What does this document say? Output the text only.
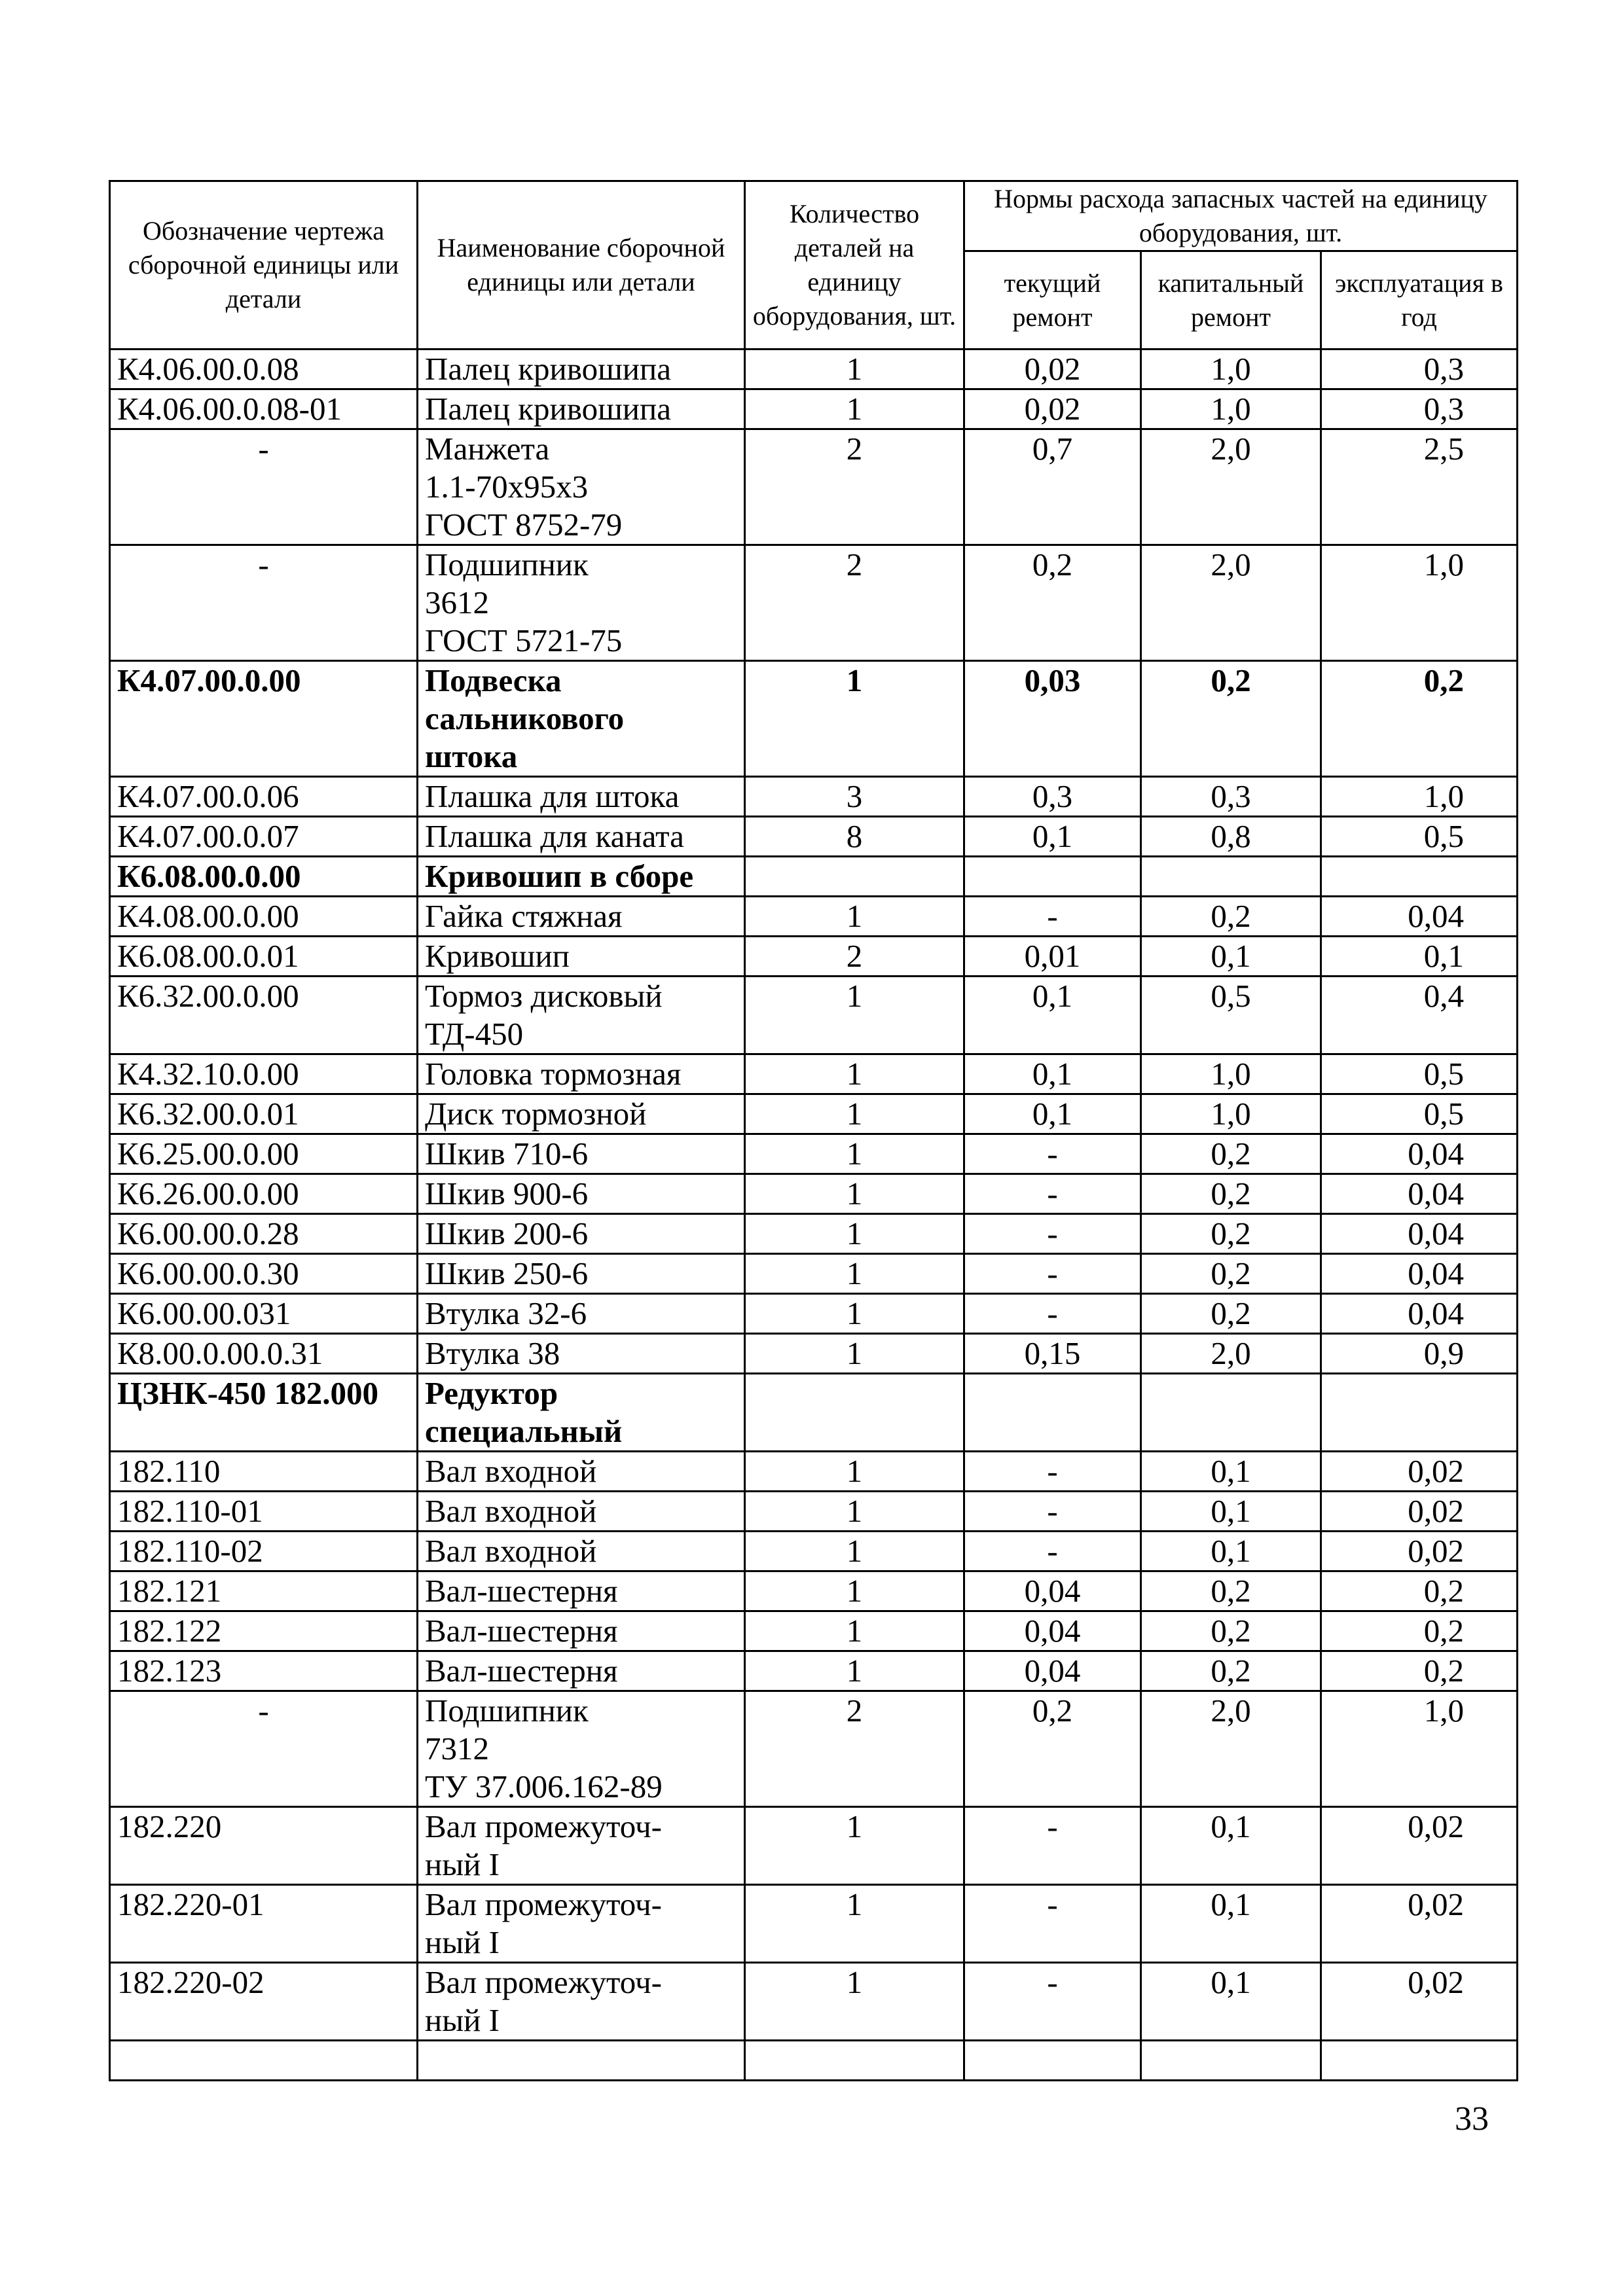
Обозначение чертежа сборочной единицы или детали	Наименование сборочной единицы или детали	Количество деталей на единицу оборудования, шт.	Нормы расхода запасных частей на единицу оборудования, шт.		
			текущий ремонт	капитальный ремонт	эксплуатация в год
К4.06.00.0.08	Палец кривошипа	1	0,02	1,0	0,3
К4.06.00.0.08-01	Палец кривошипа	1	0,02	1,0	0,3
-	Манжета
1.1-70x95x3
ГОСТ 8752-79	2	0,7	2,0	2,5
-	Подшипник
3612
ГОСТ 5721-75	2	0,2	2,0	1,0
К4.07.00.0.00	Подвеска
сальникового
штока	1	0,03	0,2	0,2
К4.07.00.0.06	Плашка для штока	3	0,3	0,3	1,0
К4.07.00.0.07	Плашка для каната	8	0,1	0,8	0,5
К6.08.00.0.00	Кривошип в сборе				
К4.08.00.0.00	Гайка стяжная	1	-	0,2	0,04
К6.08.00.0.01	Кривошип	2	0,01	0,1	0,1
К6.32.00.0.00	Тормоз дисковый
ТД-450	1	0,1	0,5	0,4
К4.32.10.0.00	Головка тормозная	1	0,1	1,0	0,5
К6.32.00.0.01	Диск тормозной	1	0,1	1,0	0,5
К6.25.00.0.00	Шкив 710-6	1	-	0,2	0,04
К6.26.00.0.00	Шкив 900-6	1	-	0,2	0,04
К6.00.00.0.28	Шкив 200-6	1	-	0,2	0,04
К6.00.00.0.30	Шкив 250-6	1	-	0,2	0,04
К6.00.00.031	Втулка 32-6	1	-	0,2	0,04
К8.00.0.00.0.31	Втулка 38	1	0,15	2,0	0,9
ЦЗНК-450 182.000	Редуктор
специальный				
182.110	Вал входной	1	-	0,1	0,02
182.110-01	Вал входной	1	-	0,1	0,02
182.110-02	Вал входной	1	-	0,1	0,02
182.121	Вал-шестерня	1	0,04	0,2	0,2
182.122	Вал-шестерня	1	0,04	0,2	0,2
182.123	Вал-шестерня	1	0,04	0,2	0,2
-	Подшипник
7312
ТУ 37.006.162-89	2	0,2	2,0	1,0
182.220	Вал промежуточ-
ный I	1	-	0,1	0,02
182.220-01	Вал промежуточ-
ный I	1	-	0,1	0,02
182.220-02	Вал промежуточ-
ный I	1	-	0,1	0,02

33
